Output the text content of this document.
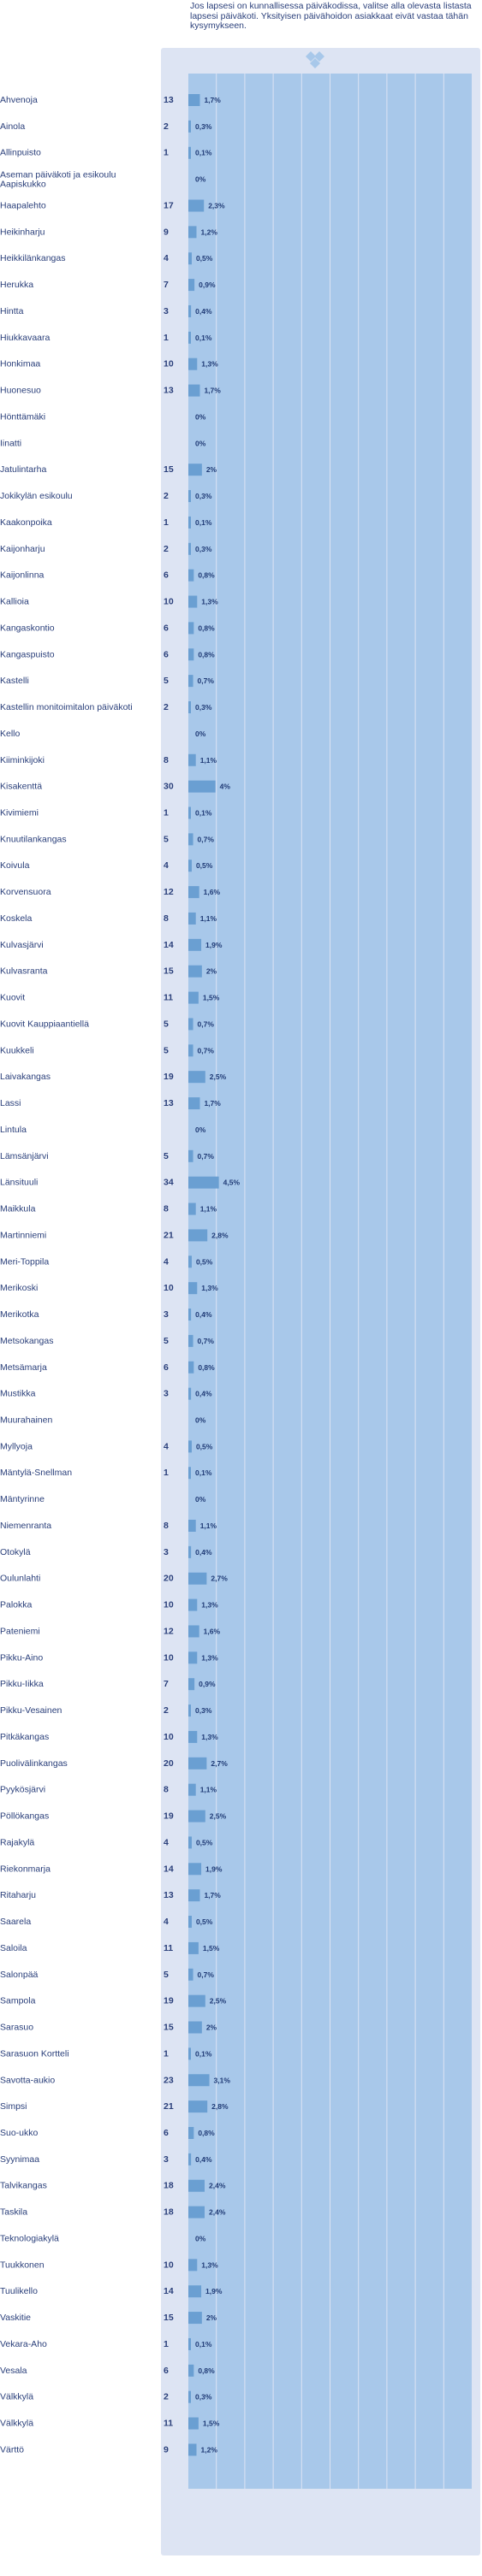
Jos lapsesi on kunnallisessa päiväkodissa, valitse alla olevasta listasta lapsesi päiväkoti. Yksityisen päivähoidon asiakkaat eivät vastaa tähän kysymykseen.

Ahvenoja	13	1,7%
Ainola	2	0,3%
Allinpuisto	1	0,1%
Aseman päiväkoti ja esikoulu Aapiskukko	0%
Haapalehto	17	2,3%
Heikinharju	9	1,2%
Heikkilänkangas	4	0,5%
Herukka	7	0,9%
Hintta	3	0,4%
Hiukkavaara	1	0,1%
Honkimaa	10	1,3%
Huonesuo	13	1,7%
Hönttämäki	0%
Iinatti	0%
Jatulintarha	15	2%
Jokikylän esikoulu	2	0,3%
Kaakonpoika	1	0,1%
Kaijonharju	2	0,3%
Kaijonlinna	6	0,8%
Kallioia	10	1,3%
Kangaskontio	6	0,8%
Kangaspuisto	6	0,8%
Kastelli	5	0,7%
Kastellin monitoimitalon päiväkoti	2	0,3%
Kello	0%
Kiiminkijoki	8	1,1%
Kisakenttä	30	4%
Kivimiemi	1	0,1%
Knuutilankangas	5	0,7%
Koivula	4	0,5%
Korvensuora	12	1,6%
Koskela	8	1,1%
Kulvasjärvi	14	1,9%
Kulvasranta	15	2%
Kuovit	11	1,5%
Kuovit Kauppiaantiellä	5	0,7%
Kuukkeli	5	0,7%
Laivakangas	19	2,5%
Lassi	13	1,7%
Lintula	0%
Lämsänjärvi	5	0,7%
Länsituuli	34	4,5%
Maikkula	8	1,1%
Martinniemi	21	2,8%
Meri-Toppila	4	0,5%
Merikoski	10	1,3%
Merikotka	3	0,4%
Metsokangas	5	0,7%
Metsämarja	6	0,8%
Mustikka	3	0,4%
Muurahainen	0%
Myllyoja	4	0,5%
Mäntylä-Snellman	1	0,1%
Mäntyrinne	0%
Niemenranta	8	1,1%
Otokylä	3	0,4%
Oulunlahti	20	2,7%
Palokka	10	1,3%
Pateniemi	12	1,6%
Pikku-Aino	10	1,3%
Pikku-Iikka	7	0,9%
Pikku-Vesainen	2	0,3%
Pitkäkangas	10	1,3%
Puolivälinkangas	20	2,7%
Pyykösjärvi	8	1,1%
Pöllökangas	19	2,5%
Rajakylä	4	0,5%
Riekonmarja	14	1,9%
Ritaharju	13	1,7%
Saarela	4	0,5%
Saloila	11	1,5%
Salonpää	5	0,7%
Sampola	19	2,5%
Sarasuo	15	2%
Sarasuon Kortteli	1	0,1%
Savotta-aukio	23	3,1%
Simpsi	21	2,8%
Suo-ukko	6	0,8%
Syynimaa	3	0,4%
Talvikangas	18	2,4%
Taskila	18	2,4%
Teknologiakylä	0%
Tuukkonen	10	1,3%
Tuulikello	14	1,9%
Vaskitie	15	2%
Vekara-Aho	1	0,1%
Vesala	6	0,8%
Välkkylä	2	0,3%
Välkkylä	11	1,5%
Värttö	9	1,2%
